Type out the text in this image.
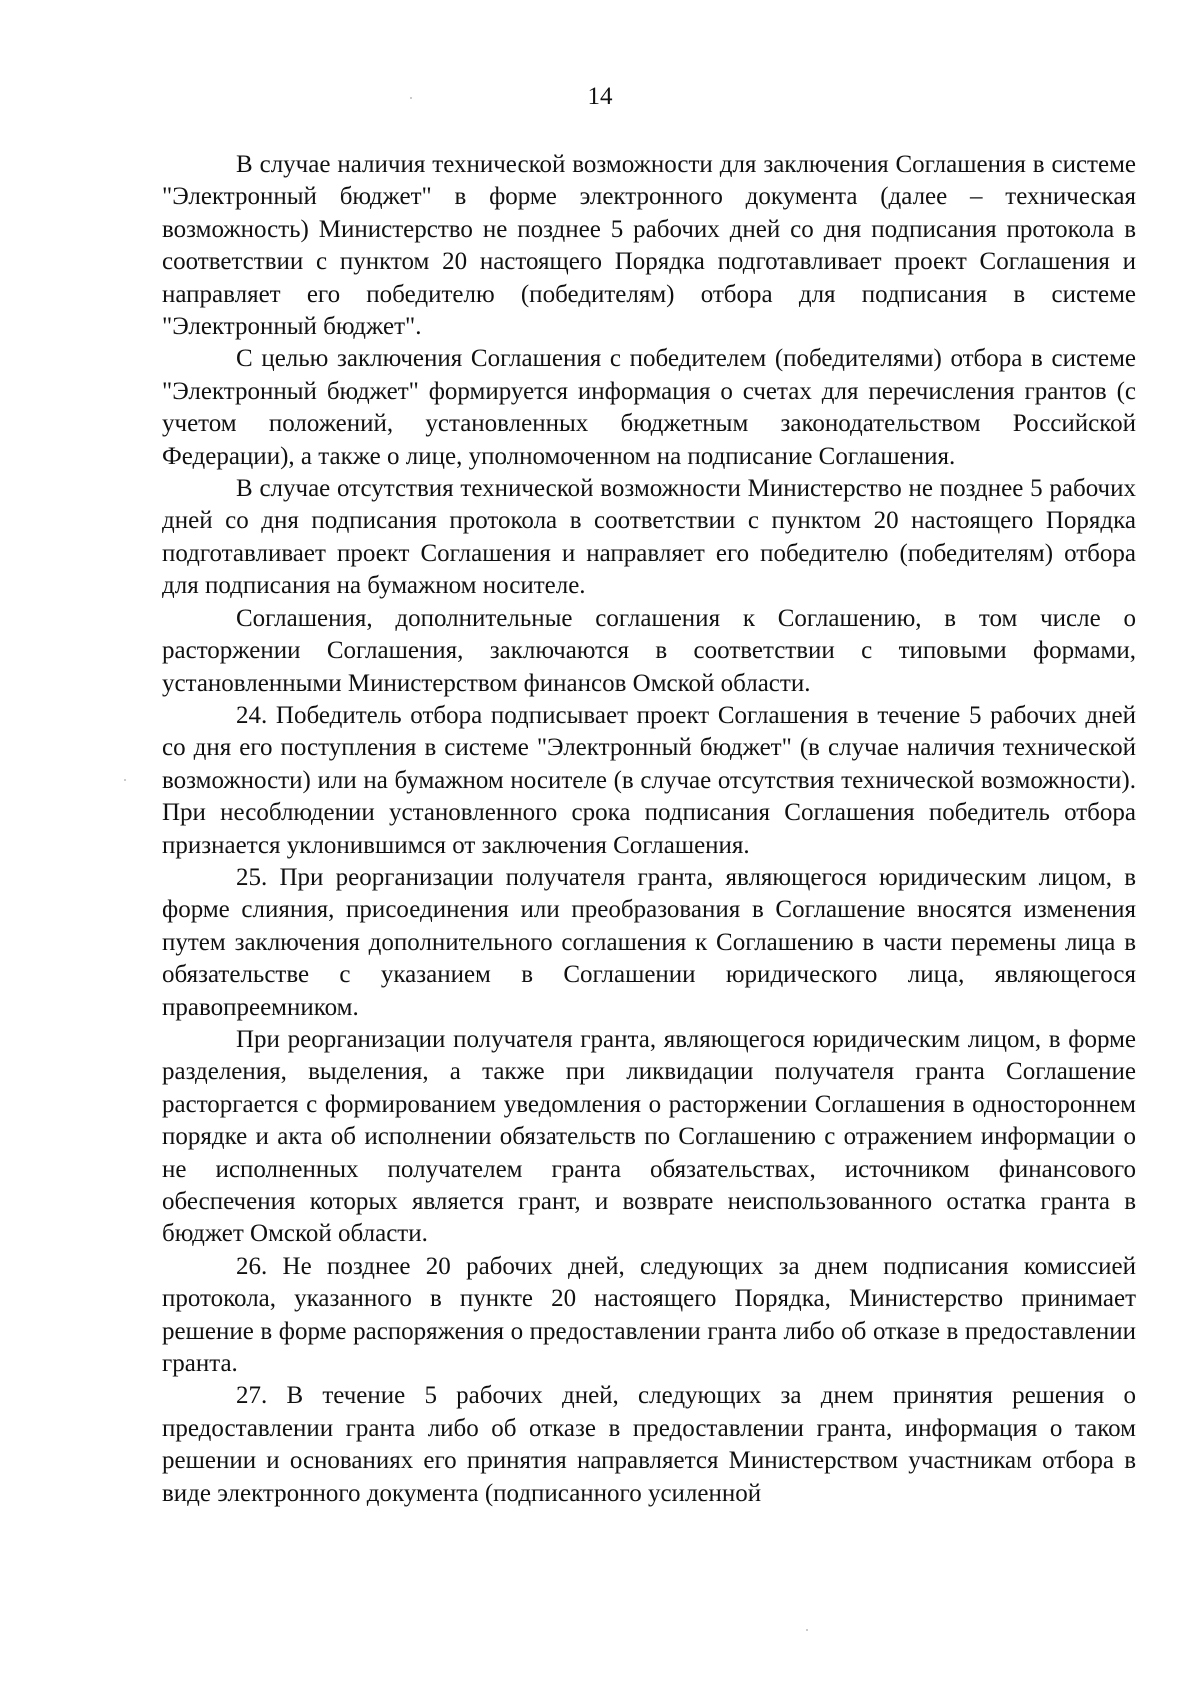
14

В случае наличия технической возможности для заключения Соглашения в системе "Электронный бюджет" в форме электронного документа (далее – техническая возможность) Министерство не позднее 5 рабочих дней со дня подписания протокола в соответствии с пунктом 20 настоящего Порядка подготавливает проект Соглашения и направляет его победителю (победителям) отбора для подписания в системе "Электронный бюджет".

С целью заключения Соглашения с победителем (победителями) отбора в системе "Электронный бюджет" формируется информация о счетах для перечисления грантов (с учетом положений, установленных бюджетным законодательством Российской Федерации), а также о лице, уполномоченном на подписание Соглашения.

В случае отсутствия технической возможности Министерство не позднее 5 рабочих дней со дня подписания протокола в соответствии с пунктом 20 настоящего Порядка подготавливает проект Соглашения и направляет его победителю (победителям) отбора для подписания на бумажном носителе.

Соглашения, дополнительные соглашения к Соглашению, в том числе о расторжении Соглашения, заключаются в соответствии с типовыми формами, установленными Министерством финансов Омской области.

24. Победитель отбора подписывает проект Соглашения в течение 5 рабочих дней со дня его поступления в системе "Электронный бюджет" (в случае наличия технической возможности) или на бумажном носителе (в случае отсутствия технической возможности). При несоблюдении установленного срока подписания Соглашения победитель отбора признается уклонившимся от заключения Соглашения.

25. При реорганизации получателя гранта, являющегося юридическим лицом, в форме слияния, присоединения или преобразования в Соглашение вносятся изменения путем заключения дополнительного соглашения к Соглашению в части перемены лица в обязательстве с указанием в Соглашении юридического лица, являющегося правопреемником.

При реорганизации получателя гранта, являющегося юридическим лицом, в форме разделения, выделения, а также при ликвидации получателя гранта Соглашение расторгается с формированием уведомления о расторжении Соглашения в одностороннем порядке и акта об исполнении обязательств по Соглашению с отражением информации о не исполненных получателем гранта обязательствах, источником финансового обеспечения которых является грант, и возврате неиспользованного остатка гранта в бюджет Омской области.

26. Не позднее 20 рабочих дней, следующих за днем подписания комиссией протокола, указанного в пункте 20 настоящего Порядка, Министерство принимает решение в форме распоряжения о предоставлении гранта либо об отказе в предоставлении гранта.

27. В течение 5 рабочих дней, следующих за днем принятия решения о предоставлении гранта либо об отказе в предоставлении гранта, информация о таком решении и основаниях его принятия направляется Министерством участникам отбора в виде электронного документа (подписанного усиленной
